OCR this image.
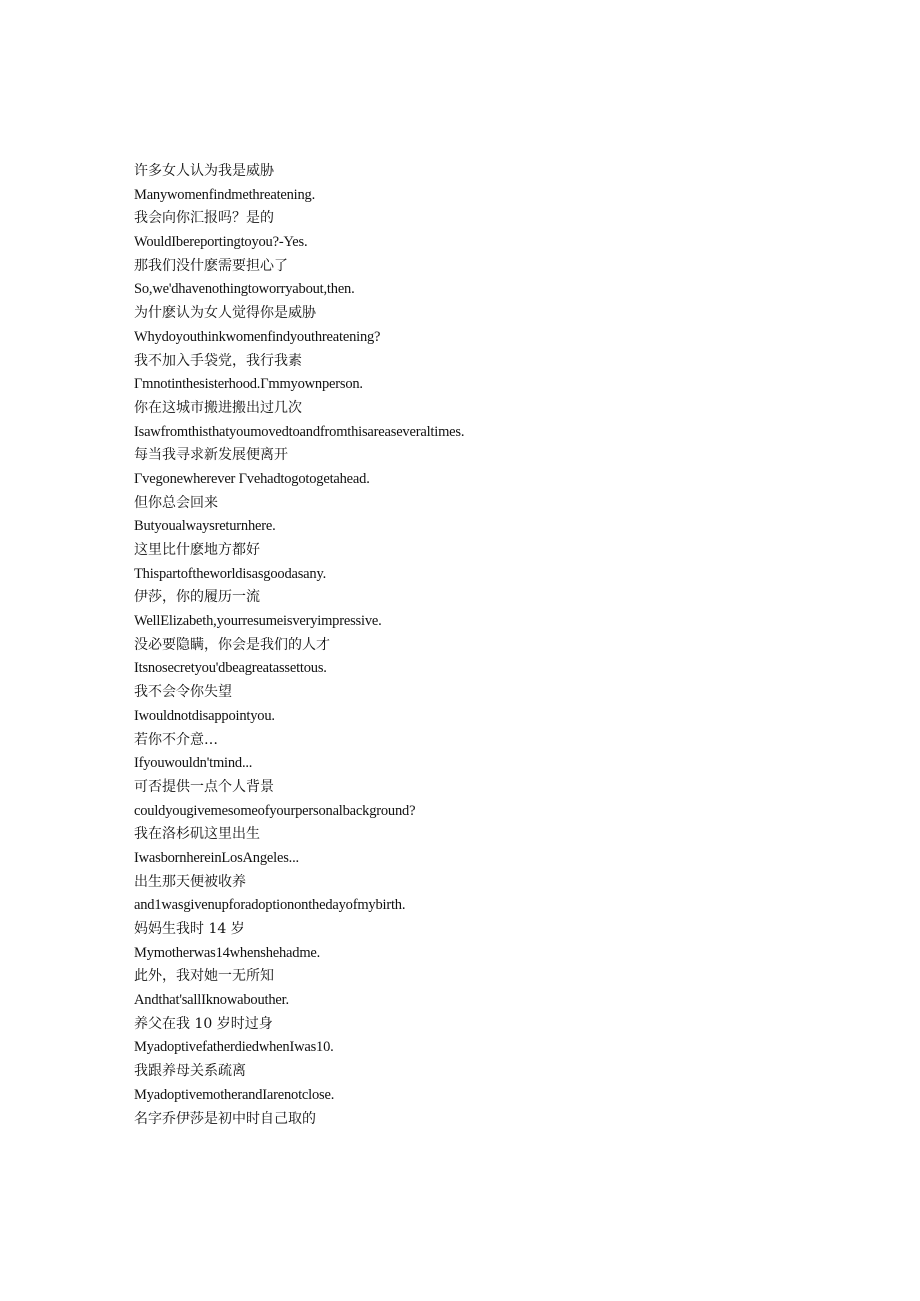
许多女人认为我是威胁
Manywomenfindmethreatening.
我会向你汇报吗？是的
WouldIbereportingtoyou?-Yes.
那我们没什麽需要担心了
So,we'dhavenothingtoworryabout,then.
为什麽认为女人觉得你是威胁
Whydoyouthinkwomenfindyouthreatening?
我不加入手袋党，我行我素
Γmnotinthesisterhood.Γmmyownperson.
你在这城市搬进搬出过几次
Isawfromthisthatyoumovedtoandfromthisareaseveraltimes.
每当我寻求新发展便离开
Γvegonewherever Γvehadtogotogetahead.
但你总会回来
Butyoualwaysreturnhere.
这里比什麽地方都好
Thispartoftheworldisasgoodasany.
伊莎，你的履历一流
WellElizabeth,yourresumeisveryimpressive.
没必要隐瞒，你会是我们的人才
Itsnosecretyou'dbeagreatassettous.
我不会令你失望
Iwouldnotdisappointyou.
若你不介意…
Ifyouwouldn'tmind...
可否提供一点个人背景
couldyougivemesomeofyourpersonalbackground?
我在洛杉矶这里出生
IwasbornhereinLosAngeles...
出生那天便被收养
and1wasgivenupforadoptiononthedayofmybirth.
妈妈生我时 14 岁
Mymotherwas14whenshehadme.
此外，我对她一无所知
Andthat'sallIknowabouther.
养父在我 10 岁时过身
MyadoptivefatherdiedwhenIwas10.
我跟养母关系疏离
MyadoptivemotherandIarenotclose.
名字乔伊莎是初中时自己取的
